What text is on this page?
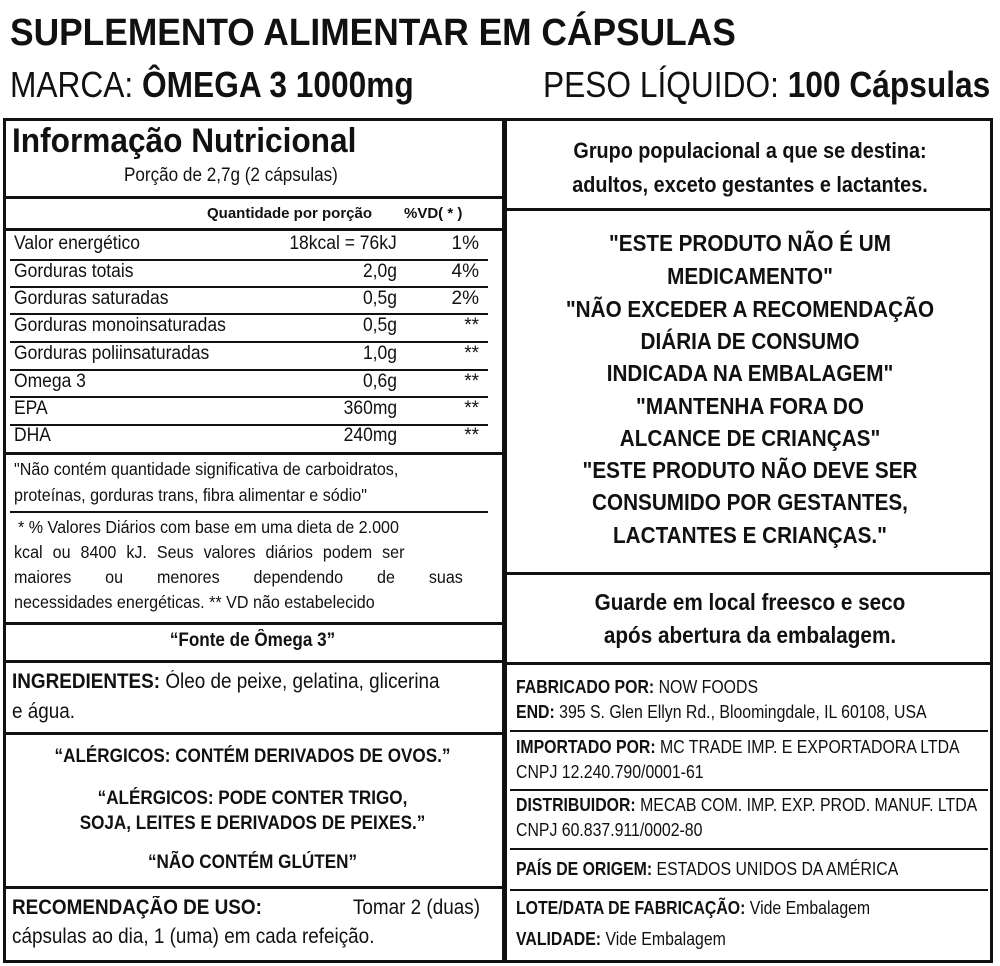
SUPLEMENTO ALIMENTAR EM CÁPSULAS
MARCA: ÔMEGA 3 1000mg	PESO LÍQUIDO: 100 Cápsulas
Informação Nutricional
Porção de 2,7g (2 cápsulas)
Quantidade por porção %VD( * )
Valor energético	18kcal = 76kJ	1%
Gorduras totais	2,0g	4%
Gorduras saturadas	0,5g	2%
Gorduras monoinsaturadas	0,5g	**
Gorduras poliinsaturadas	1,0g	**
Omega 3	0,6g	**
EPA	360mg	**
DHA	240mg	**
"Não contém quantidade significativa de carboidratos,
proteínas, gorduras trans, fibra alimentar e sódio"
* % Valores Diários com base em uma dieta de 2.000
kcal ou 8400 kJ. Seus valores diários podem ser
maiores ou menores dependendo de suas
necessidades energéticas. ** VD não estabelecido
“Fonte de Ômega 3”
INGREDIENTES: Óleo de peixe, gelatina, glicerina
e água.
“ALÉRGICOS: CONTÉM DERIVADOS DE OVOS.”
“ALÉRGICOS: PODE CONTER TRIGO,
SOJA, LEITES E DERIVADOS DE PEIXES.”
“NÃO CONTÉM GLÚTEN”
RECOMENDAÇÃO DE USO:	Tomar 2 (duas)
cápsulas ao dia, 1 (uma) em cada refeição.
Grupo populacional a que se destina:
adultos, exceto gestantes e lactantes.
"ESTE PRODUTO NÃO É UM
MEDICAMENTO"
"NÃO EXCEDER A RECOMENDAÇÃO
DIÁRIA DE CONSUMO
INDICADA NA EMBALAGEM"
"MANTENHA FORA DO
ALCANCE DE CRIANÇAS"
"ESTE PRODUTO NÃO DEVE SER
CONSUMIDO POR GESTANTES,
LACTANTES E CRIANÇAS."
Guarde em local freesco e seco
após abertura da embalagem.
FABRICADO POR: NOW FOODS
END: 395 S. Glen Ellyn Rd., Bloomingdale, IL 60108, USA
IMPORTADO POR: MC TRADE IMP. E EXPORTADORA LTDA
CNPJ 12.240.790/0001-61
DISTRIBUIDOR: MECAB COM. IMP. EXP. PROD. MANUF. LTDA
CNPJ 60.837.911/0002-80
PAÍS DE ORIGEM: ESTADOS UNIDOS DA AMÉRICA
LOTE/DATA DE FABRICAÇÃO: Vide Embalagem
VALIDADE: Vide Embalagem
